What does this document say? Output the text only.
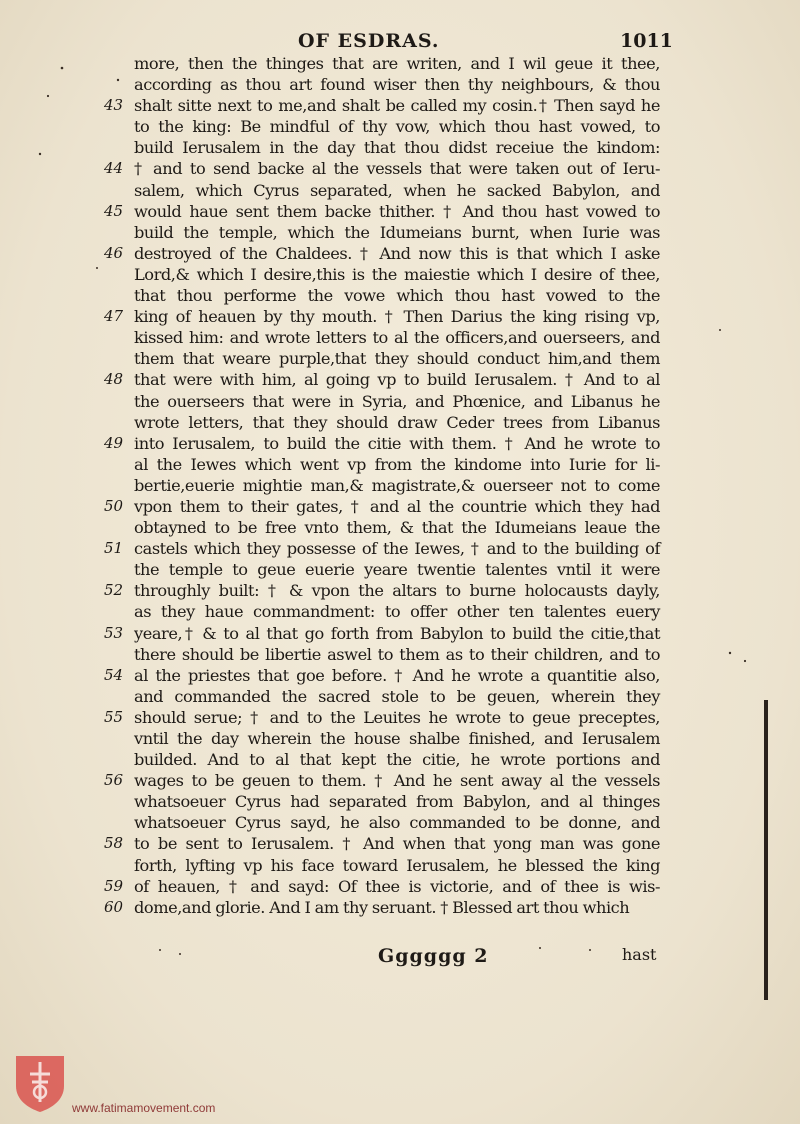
OF ESDRAS.	1011
more, then the thinges that are writen, and I wil geue it thee,
according as thou art found wiser then thy neighbours, & thou
43 shalt sitte next to me,and shalt be called my cosin.† Then sayd he
to the king: Be mindful of thy vow, which thou hast vowed, to
build Ierusalem in the day that thou didst receiue the kindom:
44 † and to send backe al the vessels that were taken out of Ieru-
salem, which Cyrus separated, when he sacked Babylon, and
45 would haue sent them backe thither. † And thou hast vowed to
build the temple, which the Idumeians burnt, when Iurie was
46 destroyed of the Chaldees. † And now this is that which I aske
Lord,& which I desire,this is the maiestie which I desire of thee,
that thou performe the vowe which thou hast vowed to the
47 king of heauen by thy mouth. † Then Darius the king rising vp,
kissed him: and wrote letters to al the officers,and ouerseers, and
them that weare purple,that they should conduct him,and them
48 that were with him, al going vp to build Ierusalem. † And to al
the ouerseers that were in Syria, and Phœnice, and Libanus he
wrote letters, that they should draw Ceder trees from Libanus
49 into Ierusalem, to build the citie with them. † And he wrote to
al the Iewes which went vp from the kindome into Iurie for li-
bertie,euerie mightie man,& magistrate,& ouerseer not to come
50 vpon them to their gates, † and al the countrie which they had
obtayned to be free vnto them, & that the Idumeians leaue the
51 castels which they possesse of the Iewes, † and to the building of
the temple to geue euerie yeare twentie talentes vntil it were
52 throughly built: † & vpon the altars to burne holocausts dayly,
as they haue commandment: to offer other ten talentes euery
53 yeare,† & to al that go forth from Babylon to build the citie,that
there should be libertie aswel to them as to their children, and to
54 al the priestes that goe before. † And he wrote a quantitie also,
and commanded the sacred stole to be geuen, wherein they
55 should serue; † and to the Leuites he wrote to geue preceptes,
vntil the day wherein the house shalbe finished, and Ierusalem
builded. And to al that kept the citie, he wrote portions and
56 wages to be geuen to them. † And he sent away al the vessels
whatsoeuer Cyrus had separated from Babylon, and al thinges
whatsoeuer Cyrus sayd, he also commanded to be donne, and
58 to be sent to Ierusalem. † And when that yong man was gone
forth, lyfting vp his face toward Ierusalem, he blessed the king
59 of heauen, † and sayd: Of thee is victorie, and of thee is wis-
60 dome,and glorie. And I am thy seruant. † Blessed art thou which
Gggggg 2	hast
www.fatimamovement.com
